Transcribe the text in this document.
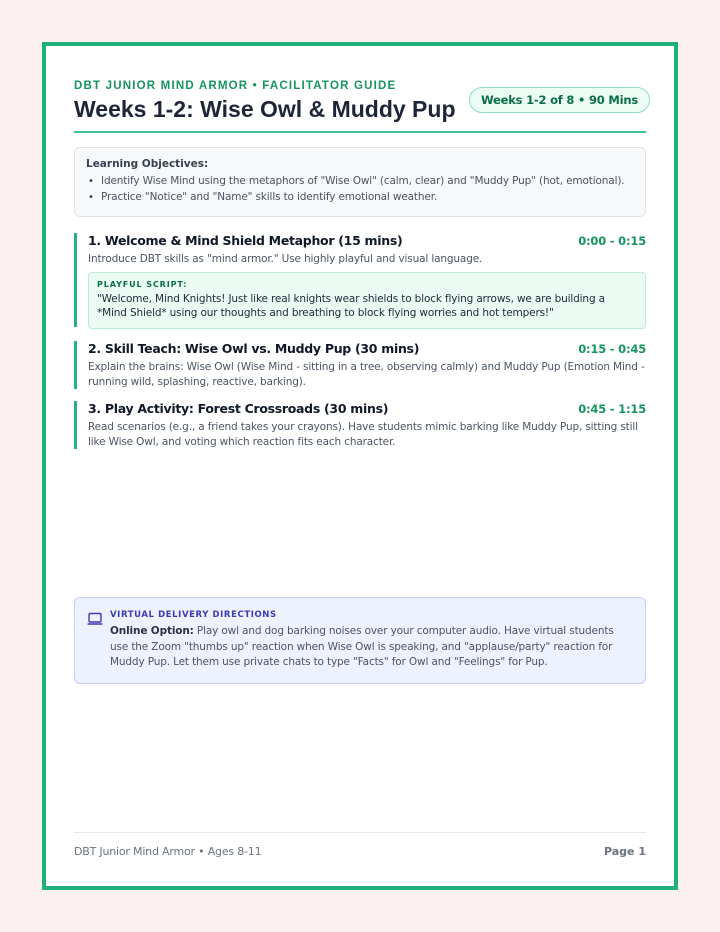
DBT JUNIOR MIND ARMOR • FACILITATOR GUIDE
Weeks 1-2: Wise Owl & Muddy Pup	Weeks 1-2 of 8 • 90 Mins
Learning Objectives:
• Identify Wise Mind using the metaphors of "Wise Owl" (calm, clear) and "Muddy Pup" (hot, emotional).
• Practice "Notice" and "Name" skills to identify emotional weather.
1. Welcome & Mind Shield Metaphor (15 mins)	0:00 - 0:15
Introduce DBT skills as "mind armor." Use highly playful and visual language.
PLAYFUL SCRIPT:
"Welcome, Mind Knights! Just like real knights wear shields to block flying arrows, we are building a *Mind Shield* using our thoughts and breathing to block flying worries and hot tempers!"
2. Skill Teach: Wise Owl vs. Muddy Pup (30 mins)	0:15 - 0:45
Explain the brains: Wise Owl (Wise Mind - sitting in a tree, observing calmly) and Muddy Pup (Emotion Mind - running wild, splashing, reactive, barking).
3. Play Activity: Forest Crossroads (30 mins)	0:45 - 1:15
Read scenarios (e.g., a friend takes your crayons). Have students mimic barking like Muddy Pup, sitting still like Wise Owl, and voting which reaction fits each character.
VIRTUAL DELIVERY DIRECTIONS
Online Option: Play owl and dog barking noises over your computer audio. Have virtual students use the Zoom "thumbs up" reaction when Wise Owl is speaking, and "applause/party" reaction for Muddy Pup. Let them use private chats to type "Facts" for Owl and "Feelings" for Pup.
DBT Junior Mind Armor • Ages 8-11	Page 1
